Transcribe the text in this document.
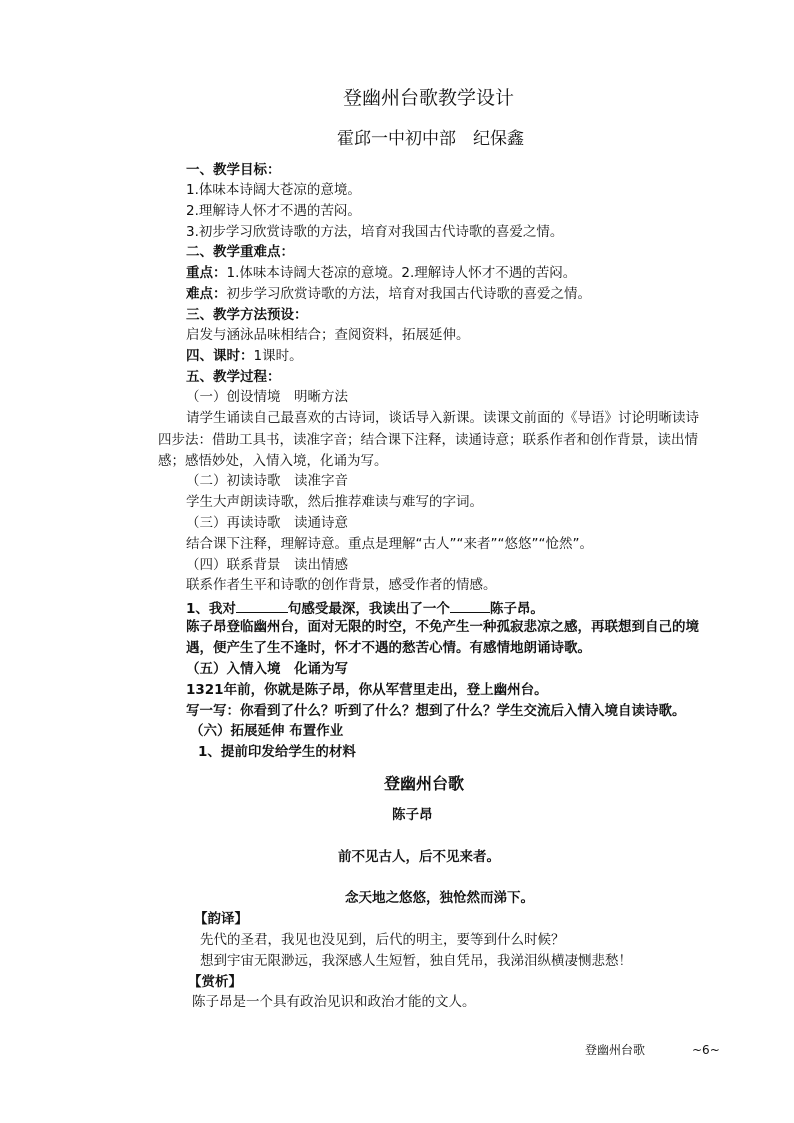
登幽州台歌教学设计
霍邱一中初中部　纪保鑫
一、教学目标：
1.体味本诗阔大苍凉的意境。
2.理解诗人怀才不遇的苦闷。
3.初步学习欣赏诗歌的方法，培育对我国古代诗歌的喜爱之情。
二、教学重难点：
重点：1.体味本诗阔大苍凉的意境。2.理解诗人怀才不遇的苦闷。
难点：初步学习欣赏诗歌的方法，培育对我国古代诗歌的喜爱之情。
三、教学方法预设：
启发与涵泳品味相结合；查阅资料，拓展延伸。
四、课时：1课时。
五、教学过程：
（一）创设情境　明晰方法
请学生诵读自己最喜欢的古诗词，谈话导入新课。读课文前面的《导语》讨论明晰读诗
四步法：借助工具书，读准字音；结合课下注释，读通诗意；联系作者和创作背景，读出情
感；感悟妙处，入情入境，化诵为写。
（二）初读诗歌　读准字音
学生大声朗读诗歌，然后推荐难读与难写的字词。
（三）再读诗歌　读通诗意
结合课下注释，理解诗意。重点是理解“古人”“来者”“悠悠”“怆然”。
（四）联系背景　读出情感
联系作者生平和诗歌的创作背景，感受作者的情感。
1、我对	句感受最深，我读出了一个	陈子昂。
陈子昂登临幽州台，面对无限的时空，不免产生一种孤寂悲凉之感，再联想到自己的境
遇，便产生了生不逢时，怀才不遇的愁苦心情。有感情地朗诵诗歌。
（五）入情入境　化诵为写
1321年前，你就是陈子昂，你从军营里走出，登上幽州台。
写一写：你看到了什么？听到了什么？想到了什么？学生交流后入情入境自读诗歌。
（六）拓展延伸 布置作业
1、提前印发给学生的材料
登幽州台歌
陈子昂
前不见古人，后不见来者。
念天地之悠悠，独怆然而涕下。
【韵译】
先代的圣君，我见也没见到，后代的明主，要等到什么时候？
想到宇宙无限渺远，我深感人生短暂，独自凭吊，我涕泪纵横凄恻悲愁！
【赏析】
陈子昂是一个具有政治见识和政治才能的文人。
登幽州台歌	~6~
